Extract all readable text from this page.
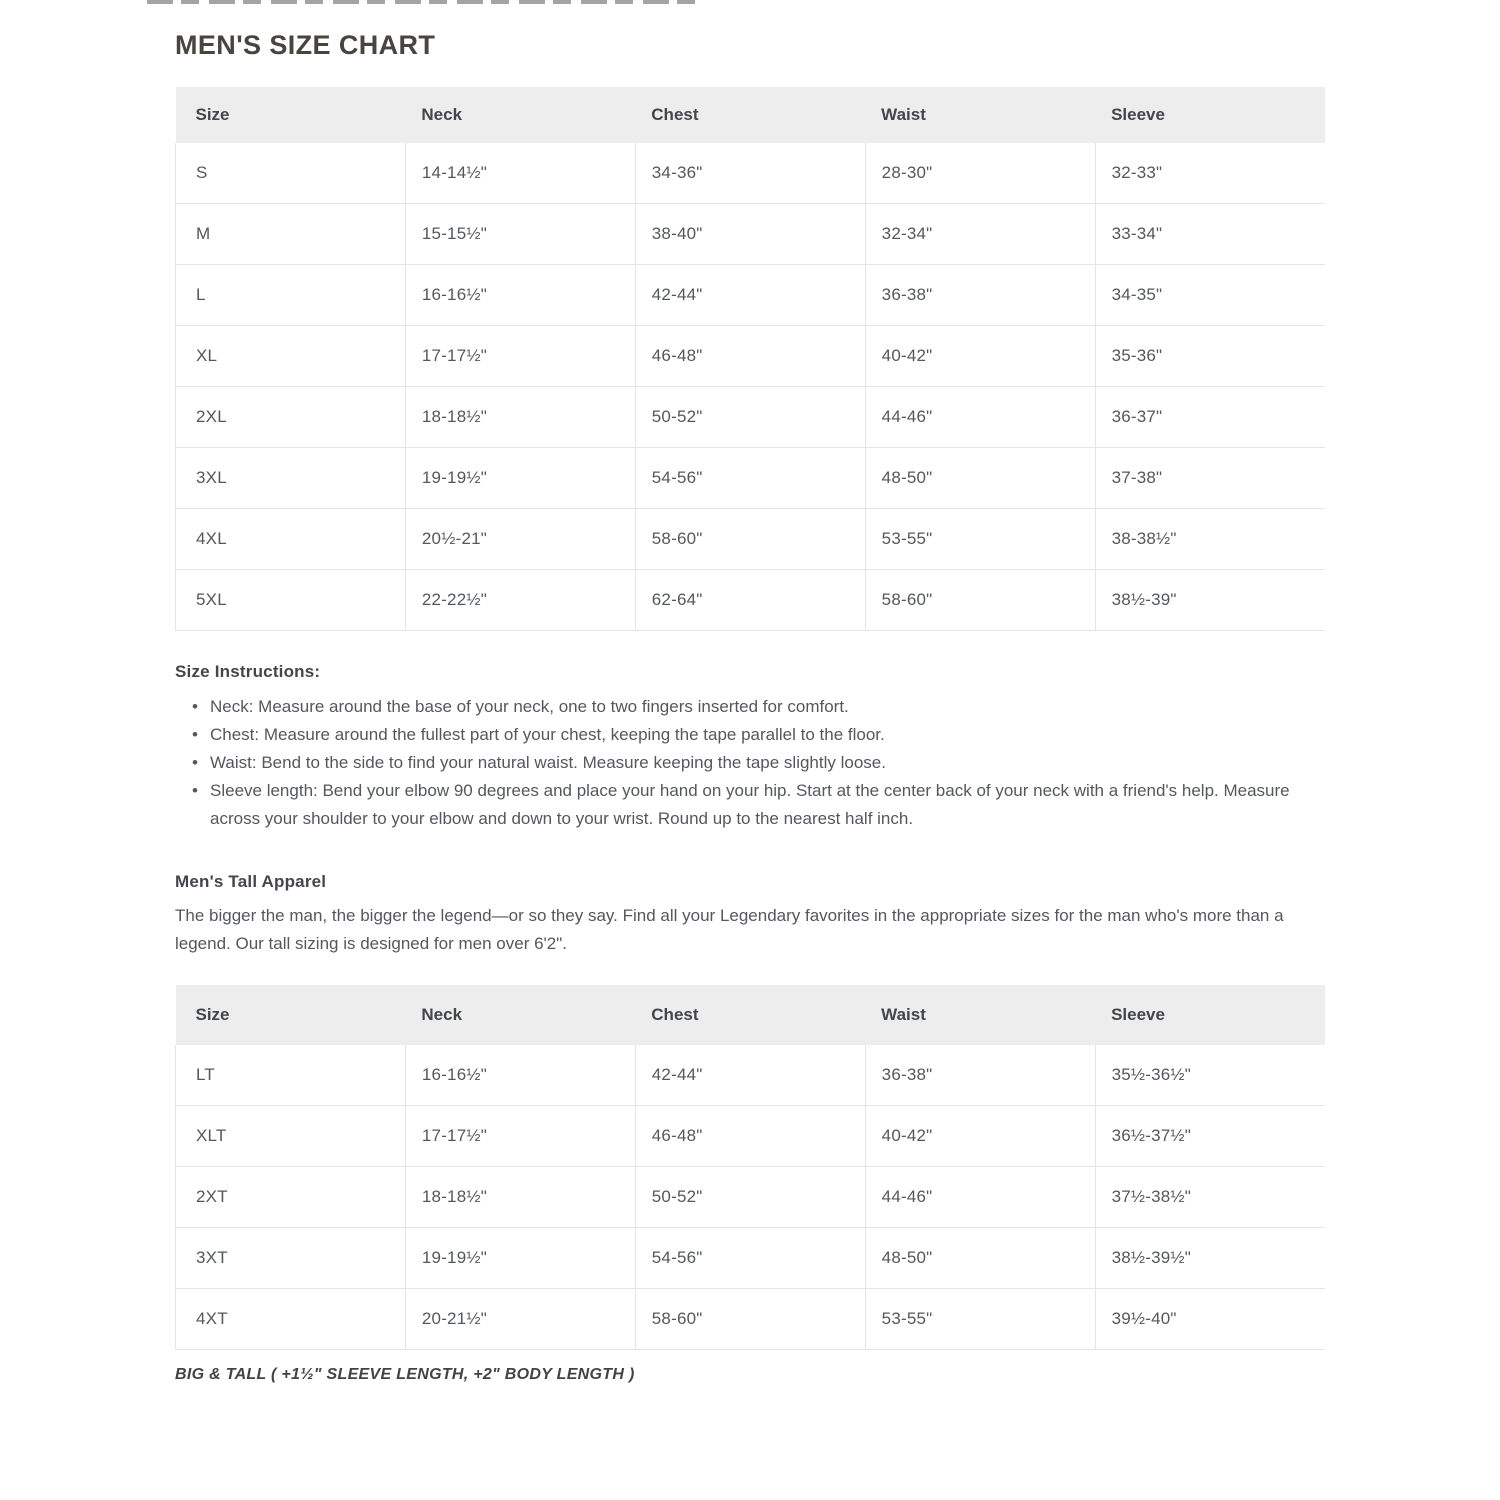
MEN'S SIZE CHART
Size	Neck	Chest	Waist	Sleeve
S	14-14½"	34-36"	28-30"	32-33"
M	15-15½"	38-40"	32-34"	33-34"
L	16-16½"	42-44"	36-38"	34-35"
XL	17-17½"	46-48"	40-42"	35-36"
2XL	18-18½"	50-52"	44-46"	36-37"
3XL	19-19½"	54-56"	48-50"	37-38"
4XL	20½-21"	58-60"	53-55"	38-38½"
5XL	22-22½"	62-64"	58-60"	38½-39"
Size Instructions:
• Neck: Measure around the base of your neck, one to two fingers inserted for comfort.
• Chest: Measure around the fullest part of your chest, keeping the tape parallel to the floor.
• Waist: Bend to the side to find your natural waist. Measure keeping the tape slightly loose.
• Sleeve length: Bend your elbow 90 degrees and place your hand on your hip. Start at the center back of your neck with a friend's help. Measure across your shoulder to your elbow and down to your wrist. Round up to the nearest half inch.
Men's Tall Apparel

The bigger the man, the bigger the legend—or so they say. Find all your Legendary favorites in the appropriate sizes for the man who's more than a legend. Our tall sizing is designed for men over 6'2".

Size	Neck	Chest	Waist	Sleeve
LT	16-16½"	42-44"	36-38"	35½-36½"
XLT	17-17½"	46-48"	40-42"	36½-37½"
2XT	18-18½"	50-52"	44-46"	37½-38½"
3XT	19-19½"	54-56"	48-50"	38½-39½"
4XT	20-21½"	58-60"	53-55"	39½-40"
BIG & TALL ( +1½" SLEEVE LENGTH, +2" BODY LENGTH )
